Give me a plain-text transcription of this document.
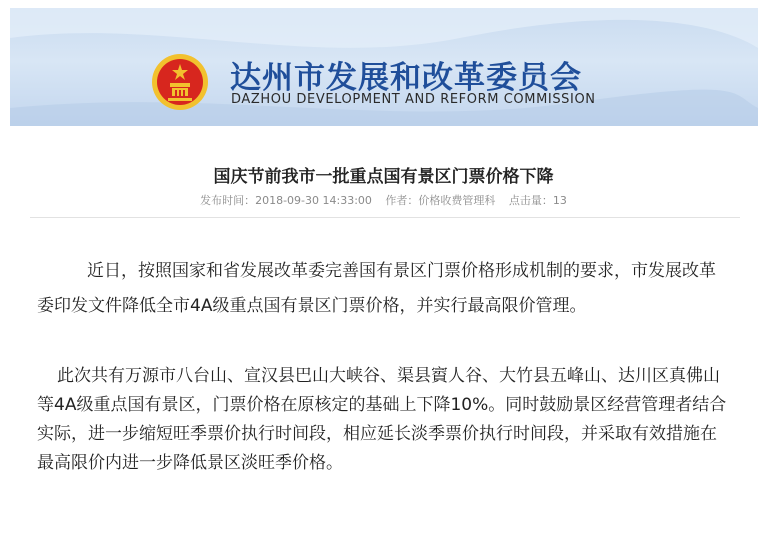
达州市发展和改革委员会
DAZHOU DEVELOPMENT AND REFORM COMMISSION
国庆节前我市一批重点国有景区门票价格下降
发布时间：2018-09-30 14:33:00 作者：价格收费管理科 点击量：13

近日，按照国家和省发展改革委完善国有景区门票价格形成机制的要求，市发展改革委印发文件降低全市4A级重点国有景区门票价格，并实行最高限价管理。

此次共有万源市八台山、宣汉县巴山大峡谷、渠县賨人谷、大竹县五峰山、达川区真佛山等4A级重点国有景区，门票价格在原核定的基础上下降10%。同时鼓励景区经营管理者结合实际，进一步缩短旺季票价执行时间段，相应延长淡季票价执行时间段，并采取有效措施在最高限价内进一步降低景区淡旺季价格。
